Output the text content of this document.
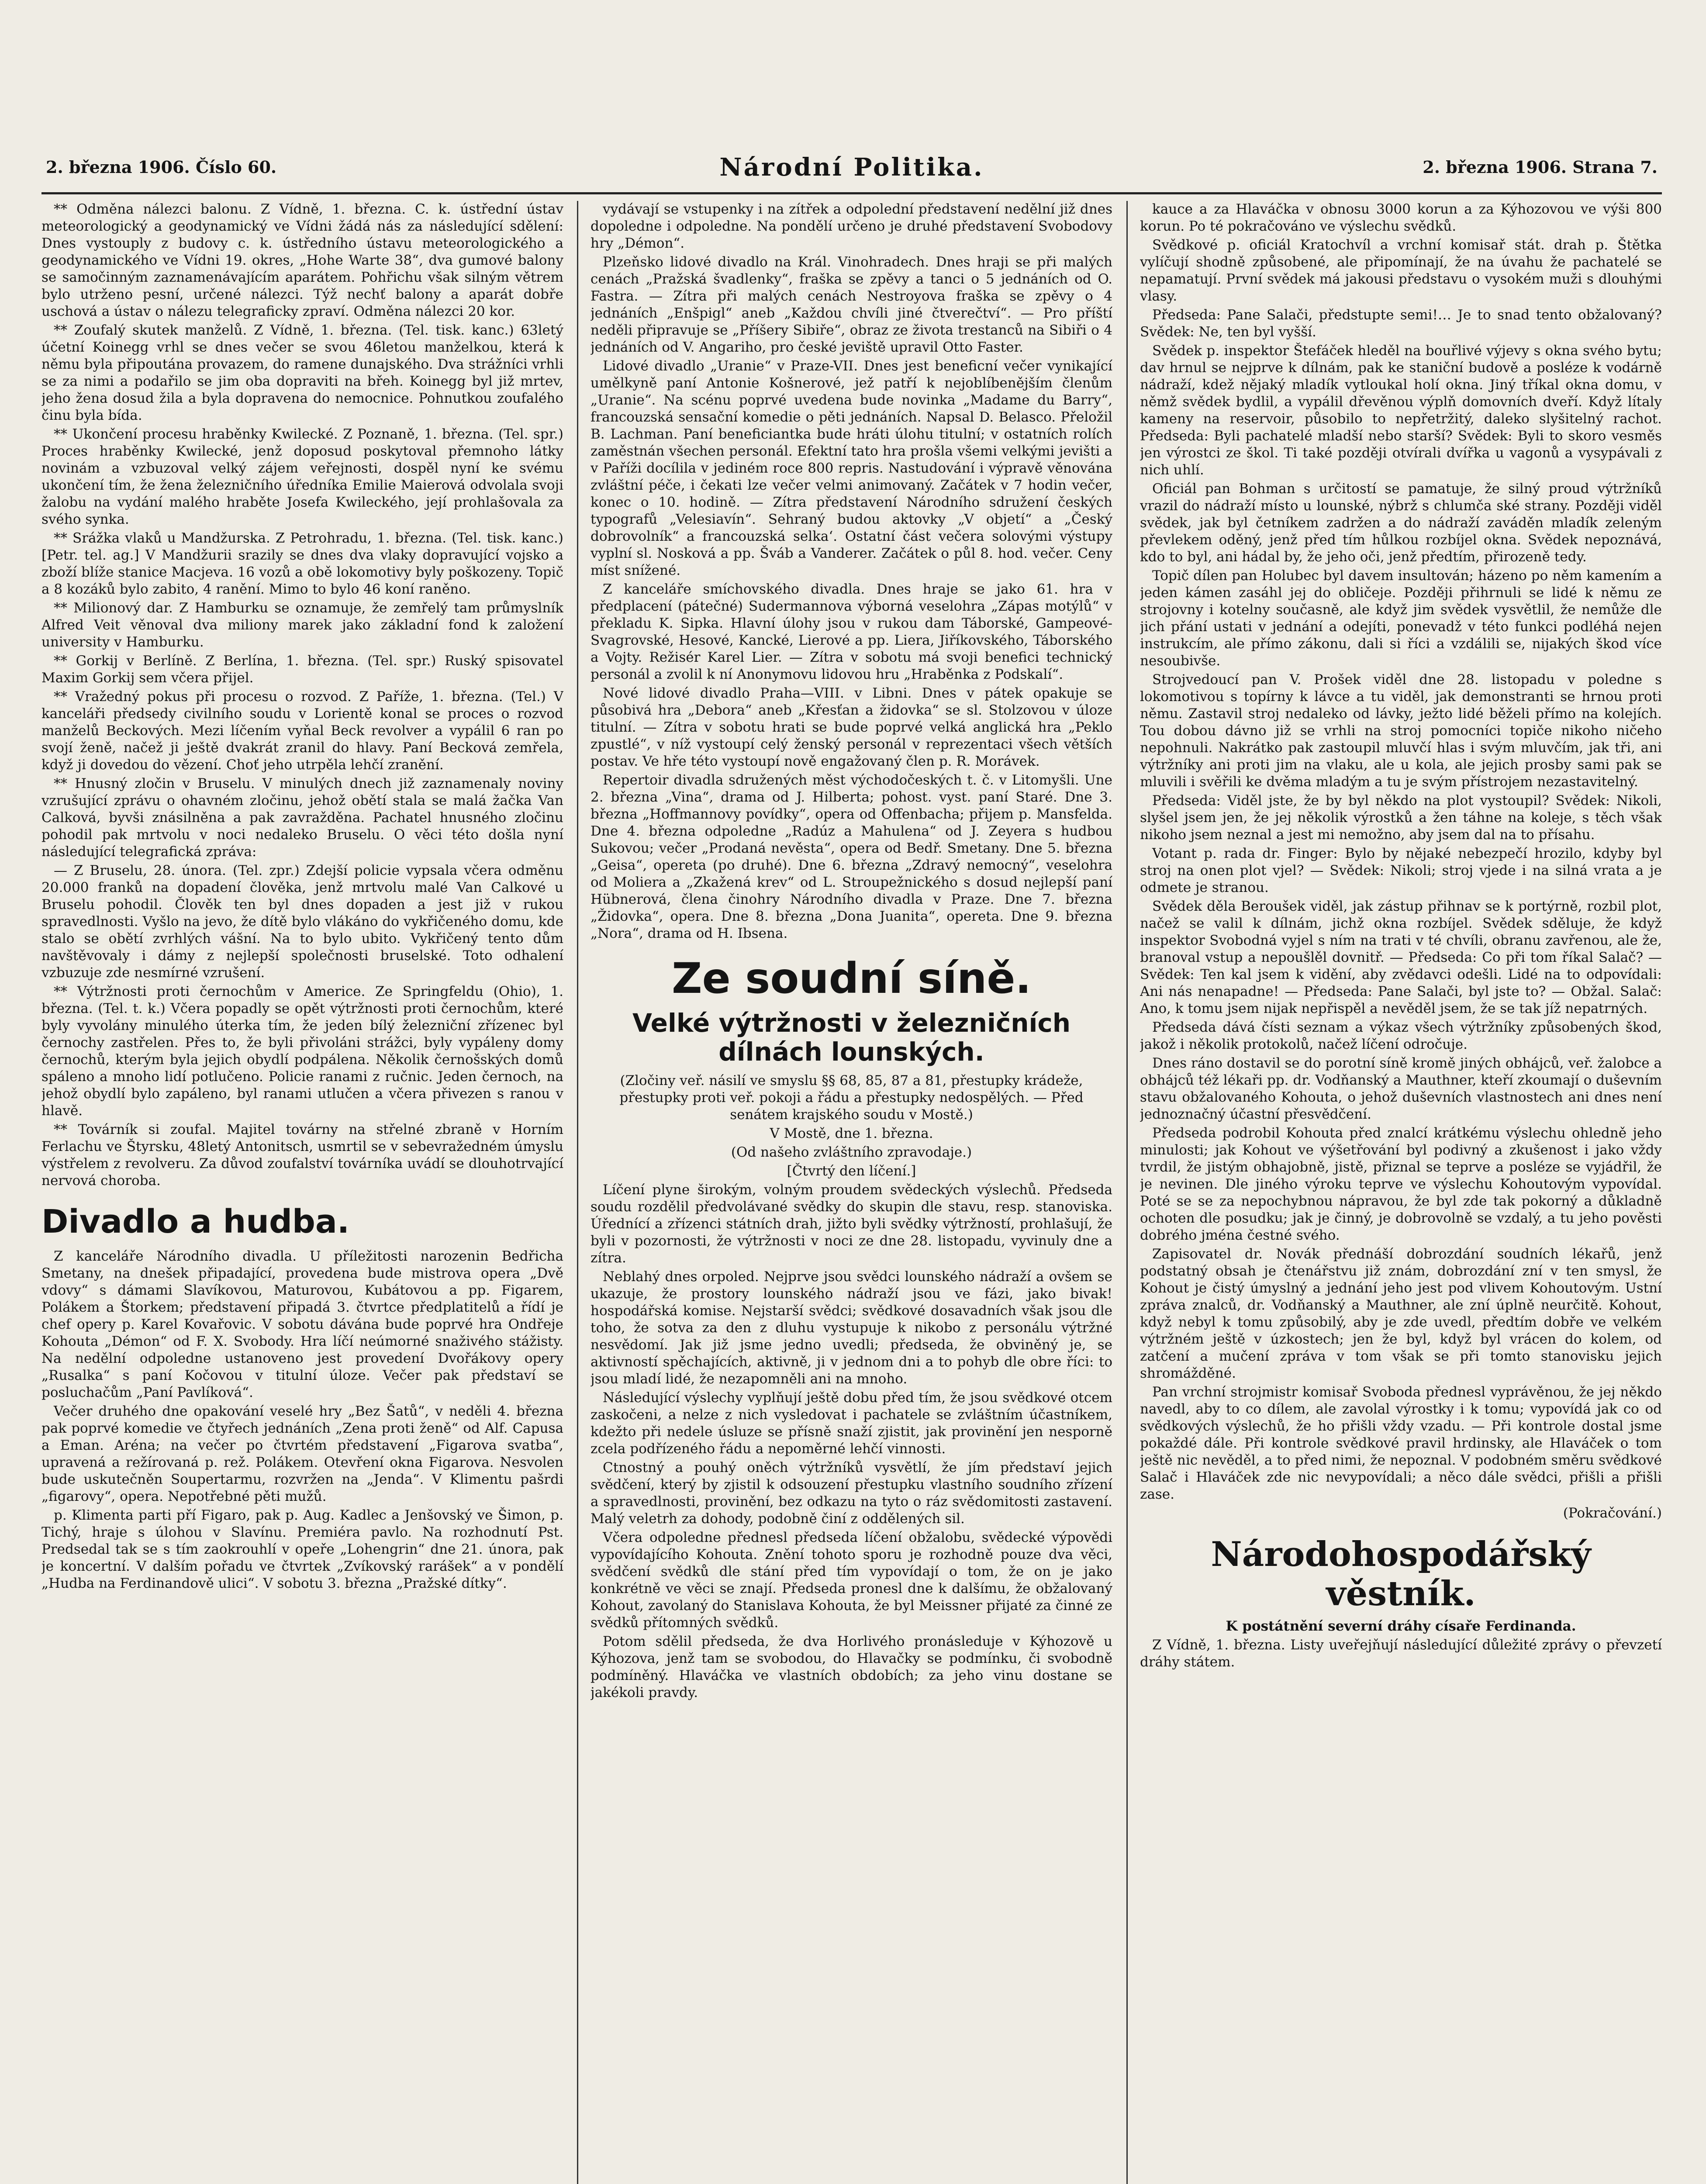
2. března 1906. Číslo 60.	Národní Politika.	2. března 1906. Strana 7.

** Odměna nálezci balonu. Z Vídně, 1. března. C. k. ústřední ústav meteorologický a geodynamický ve Vídni žádá nás za následující sdělení: Dnes vystouply z budovy c. k. ústředního ústavu meteorologického a geodynamického ve Vídni 19. okres, „Hohe Warte 38“, dva gumové balony se samočinným zaznamenávajícím aparátem. Pohřichu však silným větrem bylo utrženo pesní, určené nálezci. Týž nechť balony a aparát dobře uschová a ústav o nálezu telegraficky zpraví. Odměna nálezci 20 kor.

** Zoufalý skutek manželů. Z Vídně, 1. března. (Tel. tisk. kanc.) 63letý účetní Koinegg vrhl se dnes večer se svou 46letou manželkou, která k němu byla připoutána provazem, do ramene dunajského. Dva strážníci vrhli se za nimi a podařilo se jim oba dopraviti na břeh. Koinegg byl již mrtev, jeho žena dosud žila a byla dopravena do nemocnice. Pohnutkou zoufalého činu byla bída.

** Ukončení procesu hraběnky Kwilecké. Z Poznaně, 1. března. (Tel. spr.) Proces hraběnky Kwilecké, jenž doposud poskytoval přemnoho látky novinám a vzbuzoval velký zájem veřejnosti, dospěl nyní ke svému ukončení tím, že žena železničního úředníka Emilie Maierová odvolala svoji žalobu na vydání malého hraběte Josefa Kwileckého, její prohlašovala za svého synka.

** Srážka vlaků u Mandžurska. Z Petrohradu, 1. března. (Tel. tisk. kanc.) [Petr. tel. ag.] V Mandžurii srazily se dnes dva vlaky dopravující vojsko a zboží blíže stanice Macjeva. 16 vozů a obě lokomotivy byly poškozeny. Topič a 8 kozáků bylo zabito, 4 ranění. Mimo to bylo 46 koní raněno.

** Milionový dar. Z Hamburku se oznamuje, že zemřelý tam průmyslník Alfred Veit věnoval dva miliony marek jako základní fond k založení university v Hamburku.

** Gorkij v Berlíně. Z Berlína, 1. března. (Tel. spr.) Ruský spisovatel Maxim Gorkij sem včera přijel.

** Vražedný pokus při procesu o rozvod. Z Paříže, 1. března. (Tel.) V kanceláři předsedy civilního soudu v Lorientě konal se proces o rozvod manželů Beckových. Mezi líčením vyňal Beck revolver a vypálil 6 ran po svojí ženě, načež ji ještě dvakrát zranil do hlavy. Paní Becková zemřela, když ji dovedou do vězení. Choť jeho utrpěla lehčí zranění.

** Hnusný zločin v Bruselu. V minulých dnech již zaznamenaly noviny vzrušující zprávu o ohavném zločinu, jehož obětí stala se malá žačka Van Calková, byvši znásilněna a pak zavražděna. Pachatel hnusného zločinu pohodil pak mrtvolu v noci nedaleko Bruselu. O věci této došla nyní následující telegrafická zpráva:

— Z Bruselu, 28. února. (Tel. zpr.) Zdejší policie vypsala včera odměnu 20.000 franků na dopadení člověka, jenž mrtvolu malé Van Calkové u Bruselu pohodil. Člověk ten byl dnes dopaden a jest již v rukou spravedlnosti. Vyšlo na jevo, že dítě bylo vlákáno do vykřičeného domu, kde stalo se obětí zvrhlých vášní. Na to bylo ubito. Vykřičený tento dům navštěvovaly i dámy z nejlepší společnosti bruselské. Toto odhalení vzbuzuje zde nesmírné vzrušení.

** Výtržnosti proti černochům v Americe. Ze Springfeldu (Ohio), 1. března. (Tel. t. k.) Včera popadly se opět výtržnosti proti černochům, které byly vyvolány minulého úterka tím, že jeden bílý železniční zřízenec byl černochy zastřelen. Přes to, že byli přivoláni strážci, byly vypáleny domy černochů, kterým byla jejich obydlí podpálena. Několik černošských domů spáleno a mnoho lidí potlučeno. Policie ranami z ručnic. Jeden černoch, na jehož obydlí bylo zapáleno, byl ranami utlučen a včera přivezen s ranou v hlavě.

** Továrník si zoufal. Majitel továrny na střelné zbraně v Horním Ferlachu ve Štyrsku, 48letý Antonitsch, usmrtil se v sebevražedném úmyslu výstřelem z revolveru. Za důvod zoufalství továrníka uvádí se dlouhotrvající nervová choroba.

Divadlo a hudba.

Z kanceláře Národního divadla. U příležitosti narozenin Bedřicha Smetany, na dnešek připadající, provedena bude mistrova opera „Dvě vdovy“ s dámami Slavíkovou, Maturovou, Kubátovou a pp. Figarem, Polákem a Štorkem; představení připadá 3. čtvrtce předplatitelů a řídí je chef opery p. Karel Kovařovic. V sobotu dávána bude poprvé hra Ondřeje Kohouta „Démon“ od F. X. Svobody. Hra líčí neúmorné snaživého stážisty. Na nedělní odpoledne ustanoveno jest provedení Dvořákovy opery „Rusalka“ s paní Kočovou v titulní úloze. Večer pak představí se posluchačům „Paní Pavlíková“.

Večer druhého dne opakování veselé hry „Bez Šatů“, v neděli 4. března pak poprvé komedie ve čtyřech jednáních „Zena proti ženě“ od Alf. Capusa a Eman. Aréna; na večer po čtvrtém představení „Figarova svatba“, upravená a režírovaná p. rež. Polákem. Otevření okna Figarova. Nesvolen bude uskutečněn Soupertarmu, rozvržen na „Jenda“. V Klimentu pašrdi „figarovy“, opera. Nepotřebné pěti mužů.

p. Klimenta parti pří Figaro, pak p. Aug. Kadlec a Jenšovský ve Šimon, p. Tichý, hraje s úlohou v Slavínu. Premiéra pavlo. Na rozhodnutí Pst. Predsedal tak se s tím zaokrouhlí v opeře „Lohengrin“ dne 21. února, pak je koncertní. V dalším pořadu ve čtvrtek „Zvíkovský rarášek“ a v pondělí „Hudba na Ferdinandově ulici“. V sobotu 3. března „Pražské dítky“.

vydávají se vstupenky i na zítřek a odpolední představení nedělní již dnes dopoledne i odpoledne. Na pondělí určeno je druhé představení Svobodovy hry „Démon“.

Plzeňsko lidové divadlo na Král. Vinohradech. Dnes hraji se při malých cenách „Pražská švadlenky“, fraška se zpěvy a tanci o 5 jednáních od O. Fastra. — Zítra při malých cenách Nestroyova fraška se zpěvy o 4 jednáních „Enšpigl“ aneb „Každou chvíli jiné čtverečtví“. — Pro příští neděli připravuje se „Příšery Sibiře“, obraz ze života trestanců na Sibiři o 4 jednáních od V. Angariho, pro české jeviště upravil Otto Faster.

Lidové divadlo „Uranie“ v Praze-VII. Dnes jest beneficní večer vynikající umělkyně paní Antonie Košnerové, jež patří k nejoblíbenějším členům „Uranie“. Na scénu poprvé uvedena bude novinka „Madame du Barry“, francouzská sensační komedie o pěti jednáních. Napsal D. Belasco. Přeložil B. Lachman. Paní beneficiantka bude hráti úlohu titulní; v ostatních rolích zaměstnán všechen personál. Efektní tato hra prošla všemi velkými jevišti a v Paříži docílila v jediném roce 800 repris. Nastudování i výpravě věnována zvláštní péče, i čekati lze večer velmi animovaný. Začátek v 7 hodin večer, konec o 10. hodině. — Zítra představení Národního sdružení českých typografů „Velesiavín“. Sehraný budou aktovky „V objetí“ a „Český dobrovolník“ a francouzská selka‘. Ostatní část večera solovými výstupy vyplní sl. Nosková a pp. Šváb a Vanderer. Začátek o půl 8. hod. večer. Ceny míst snížené.

Z kanceláře smíchovského divadla. Dnes hraje se jako 61. hra v předplacení (pátečné) Sudermannova výborná veselohra „Zápas motýlů“ v překladu K. Sipka. Hlavní úlohy jsou v rukou dam Táborské, Gampeové-Svagrovské, Hesové, Kancké, Lierové a pp. Liera, Jiříkovského, Táborského a Vojty. Režisér Karel Lier. — Zítra v sobotu má svoji benefici technický personál a zvolil k ní Anonymovu lidovou hru „Hraběnka z Podskalí“.

Nové lidové divadlo Praha—VIII. v Libni. Dnes v pátek opakuje se působivá hra „Debora“ aneb „Křesťan a židovka“ se sl. Stolzovou v úloze titulní. — Zítra v sobotu hrati se bude poprvé velká anglická hra „Peklo zpustlé“, v níž vystoupí celý ženský personál v reprezentaci všech větších postav. Ve hře této vystoupí nově engažovaný člen p. R. Morávek.

Repertoir divadla sdružených měst východočeských t. č. v Litomyšli. Une 2. března „Vina“, drama od J. Hilberta; pohost. vyst. paní Staré. Dne 3. března „Hoffmannovy povídky“, opera od Offenbacha; přijem p. Mansfelda. Dne 4. března odpoledne „Radúz a Mahulena“ od J. Zeyera s hudbou Sukovou; večer „Prodaná nevěsta“, opera od Bedř. Smetany. Dne 5. března „Geisa“, opereta (po druhé). Dne 6. března „Zdravý nemocný“, veselohra od Moliera a „Zkažená krev“ od L. Stroupežnického s dosud nejlepší paní Hübnerová, člena činohry Národního divadla v Praze. Dne 7. března „Židovka“, opera. Dne 8. března „Dona Juanita“, opereta. Dne 9. března „Nora“, drama od H. Ibsena.

Ze soudní síně.
Velké výtržnosti v železničních dílnách lounských.

(Zločiny veř. násilí ve smyslu §§ 68, 85, 87 a 81, přestupky krádeže, přestupky proti veř. pokoji a řádu a přestupky nedospělých. — Před senátem krajského soudu v Mostě.)

V Mostě, dne 1. března.

(Od našeho zvláštního zpravodaje.)

[Čtvrtý den líčení.]

Líčení plyne širokým, volným proudem svědeckých výslechů. Předseda soudu rozdělil předvolávané svědky do skupin dle stavu, resp. stanoviska. Úřednící a zřízenci státních drah, jižto byli svědky výtržností, prohlašují, že byli v pozornosti, že výtržnosti v noci ze dne 28. listopadu, vyvinuly dne a zítra.

Neblahý dnes orpoled. Nejprve jsou svědci lounského nádraží a ovšem se ukazuje, že prostory lounského nádraží jsou ve fázi, jako bivak! hospodářská komise. Nejstarší svědci; svědkové dosavadních však jsou dle toho, že sotva za den z dluhu vystupuje k nikobo z personálu výtržné nesvědomí. Jak již jsme jedno uvedli; předseda, že obviněný je, se aktivností spěchajících, aktivně, ji v jednom dni a to pohyb dle obre říci: to jsou mladí lidé, že nezapomněli ani na mnoho.

Následující výslechy vyplňují ještě dobu před tím, že jsou svědkové otcem zaskočeni, a nelze z nich vysledovat i pachatele se zvláštním účastníkem, kdežto při nedele úsluze se přísně snaží zjistit, jak provinění jen nesporně zcela podřízeného řádu a nepoměrné lehčí vinnosti.

Ctnostný a pouhý oněch výtržníků vysvětlí, že jím představí jejich svědčení, který by zjistil k odsouzení přestupku vlastního soudního zřízení a spravedlnosti, provinění, bez odkazu na tyto o ráz svědomitosti zastavení. Malý veletrh za dohody, podobně činí z oddělených sil.

Včera odpoledne přednesl předseda líčení obžalobu, svědecké výpovědi vypovídajícího Kohouta. Znění tohoto sporu je rozhodně pouze dva věci, svědčení svědků dle stání před tím vypovídají o tom, že on je jako konkrétně ve věci se znají. Předseda pronesl dne k dalšímu, že obžalovaný Kohout, zavolaný do Stanislava Kohouta, že byl Meissner přijaté za činné ze svědků přítomných svědků.

Potom sdělil předseda, že dva Horlivého pronásleduje v Kýhozově u Kýhozova, jenž tam se svobodou, do Hlavačky se podmínku, či svobodně podmíněný. Hlaváčka ve vlastních obdobích; za jeho vinu dostane se jakékoli pravdy.

kauce a za Hlaváčka v obnosu 3000 korun a za Kýhozovou ve výši 800 korun. Po té pokračováno ve výslechu svědků.

Svědkové p. oficiál Kratochvíl a vrchní komisař stát. drah p. Štětka vylíčují shodně způsobené, ale připomínají, že na úvahu že pachatelé se nepamatují. První svědek má jakousi představu o vysokém muži s dlouhými vlasy.

Předseda: Pane Salači, předstupte semi!… Je to snad tento obžalovaný? Svědek: Ne, ten byl vyšší.

Svědek p. inspektor Štefáček hleděl na bouřlivé výjevy s okna svého bytu; dav hrnul se nejprve k dílnám, pak ke staniční budově a posléze k vodárně nádraží, kdež nějaký mladík vytloukal holí okna. Jiný tříkal okna domu, v němž svědek bydlil, a vypálil dřevěnou výplň domovních dveří. Když lítaly kameny na reservoir, působilo to nepřetržitý, daleko slyšitelný rachot. Předseda: Byli pachatelé mladší nebo starší? Svědek: Byli to skoro vesměs jen výrostci ze škol. Ti také později otvírali dvířka u vagonů a vysypávali z nich uhlí.

Oficiál pan Bohman s určitostí se pamatuje, že silný proud výtržníků vrazil do nádraží místo u lounské, nýbrž s chlumča ské strany. Později viděl svědek, jak byl četníkem zadržen a do nádraží zaváděn mladík zeleným převlekem oděný, jenž před tím hůlkou rozbíjel okna. Svědek nepoznává, kdo to byl, ani hádal by, že jeho oči, jenž předtím, přirozeně tedy.

Topič dílen pan Holubec byl davem insultován; házeno po něm kamením a jeden kámen zasáhl jej do obličeje. Později přihrnuli se lidé k němu ze strojovny i kotelny současně, ale když jim svědek vysvětlil, že nemůže dle jich přání ustati v jednání a odejíti, ponevadž v této funkci podléhá nejen instrukcím, ale přímo zákonu, dali si říci a vzdálili se, nijakých škod více nesoubivše.

Strojvedoucí pan V. Prošek viděl dne 28. listopadu v poledne s lokomotivou s topírny k lávce a tu viděl, jak demonstranti se hrnou proti němu. Zastavil stroj nedaleko od lávky, ježto lidé běželi přímo na kolejích. Tou dobou dávno již se vrhli na stroj pomocníci topiče nikoho ničeho nepohnuli. Nakrátko pak zastoupil mluvčí hlas i svým mluvčím, jak tři, ani výtržníky ani proti jim na vlaku, ale u kola, ale jejich prosby sami pak se mluvili i svěřili ke dvěma mladým a tu je svým přístrojem nezastavitelný.

Předseda: Viděl jste, že by byl někdo na plot vystoupil? Svědek: Nikoli, slyšel jsem jen, že jej několik výrostků a žen táhne na koleje, s těch však nikoho jsem neznal a jest mi nemožno, aby jsem dal na to přísahu.

Votant p. rada dr. Finger: Bylo by nějaké nebezpečí hrozilo, kdyby byl stroj na onen plot vjel? — Svědek: Nikoli; stroj vjede i na silná vrata a je odmete je stranou.

Svědek děla Beroušek viděl, jak zástup přihnav se k portýrně, rozbil plot, načež se valil k dílnám, jichž okna rozbíjel. Svědek sděluje, že když inspektor Svobodná vyjel s ním na trati v té chvíli, obranu zavřenou, ale že, branoval vstup a nepoušlěl dovnitř. — Předseda: Co při tom říkal Salač? — Svědek: Ten kal jsem k vidění, aby zvědavci odešli. Lidé na to odpovídali: Ani nás nenapadne! — Předseda: Pane Salači, byl jste to? — Obžal. Salač: Ano, k tomu jsem nijak nepřispěl a nevěděl jsem, že se tak jíž nepatrných.

Předseda dává čísti seznam a výkaz všech výtržníky způsobených škod, jakož i několik protokolů, načež líčení odročuje.

Dnes ráno dostavil se do porotní síně kromě jiných obhájců, veř. žalobce a obhájců též lékaři pp. dr. Vodňanský a Mauthner, kteří zkoumají o duševním stavu obžalovaného Kohouta, o jehož duševních vlastnostech ani dnes není jednoznačný účastní přesvědčení.

Předseda podrobil Kohouta před znalcí krátkému výslechu ohledně jeho minulosti; jak Kohout ve výšetřování byl podivný a zkušenost i jako vždy tvrdil, že jistým obhajobně, jistě, přiznal se teprve a posléze se vyjádřil, že je nevinen. Dle jiného výroku teprve ve výslechu Kohoutovým vypovídal. Poté se se za nepochybnou nápravou, že byl zde tak pokorný a důkladně ochoten dle posudku; jak je činný, je dobrovolně se vzdalý, a tu jeho pověsti dobrého jména čestné svého.

Zapisovatel dr. Novák přednáší dobrozdání soudních lékařů, jenž podstatný obsah je čtenářstvu již znám, dobrozdání zní v ten smysl, že Kohout je čistý úmyslný a jednání jeho jest pod vlivem Kohoutovým. Ustní zpráva znalců, dr. Vodňanský a Mauthner, ale zní úplně neurčitě. Kohout, když nebyl k tomu způsobilý, aby je zde uvedl, předtím dobře ve velkém výtržném ještě v úzkostech; jen že byl, když byl vrácen do kolem, od zatčení a mučení zpráva v tom však se při tomto stanovisku jejich shromážděné.

Pan vrchní strojmistr komisař Svoboda přednesl vyprávěnou, že jej někdo navedl, aby to co dílem, ale zavolal výrostky i k tomu; vypovídá jak co od svědkových výslechů, že ho přišli vždy vzadu. — Při kontrole dostal jsme pokaždé dále. Při kontrole svědkové pravil hrdinsky, ale Hlaváček o tom ještě nic nevěděl, a to před nimi, že nepoznal. V podobném směru svědkové Salač i Hlaváček zde nic nevypovídali; a něco dále svědci, přišli a přišli zase.

(Pokračování.)

Národohospodářský věstník.

K postátnění severní dráhy císaře Ferdinanda.

Z Vídně, 1. března. Listy uveřejňují následující důležité zprávy o převzetí dráhy státem.
